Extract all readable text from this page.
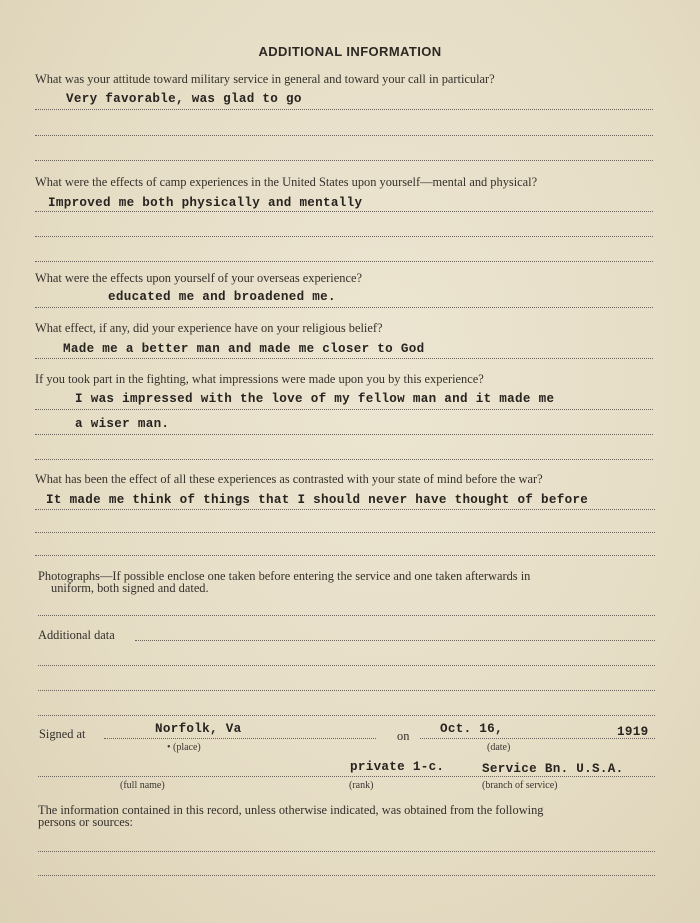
ADDITIONAL INFORMATION
What was your attitude toward military service in general and toward your call in particular?
Very favorable, was glad to go
What were the effects of camp experiences in the United States upon yourself—mental and physical?
Improved me both physically and mentally
What were the effects upon yourself of your overseas experience?
educated me and broadened me.
What effect, if any, did your experience have on your religious belief?
Made me a better man and made me closer to God
If you took part in the fighting, what impressions were made upon you by this experience?
I was impressed with the love of my fellow man and it made me
a wiser man.
What has been the effect of all these experiences as contrasted with your state of mind before the war?
It made me think of things that I should never have thought of before
Photographs—If possible enclose one taken before entering the service and one taken afterwards in
uniform, both signed and dated.
Additional data
Signed at	Norfolk, Va
• (place)
on Oct. 16,	1919
(date)
private 1-c.	Service Bn. U.S.A.
(full name)	(rank)	(branch of service)
The information contained in this record, unless otherwise indicated, was obtained from the following
persons or sources:
